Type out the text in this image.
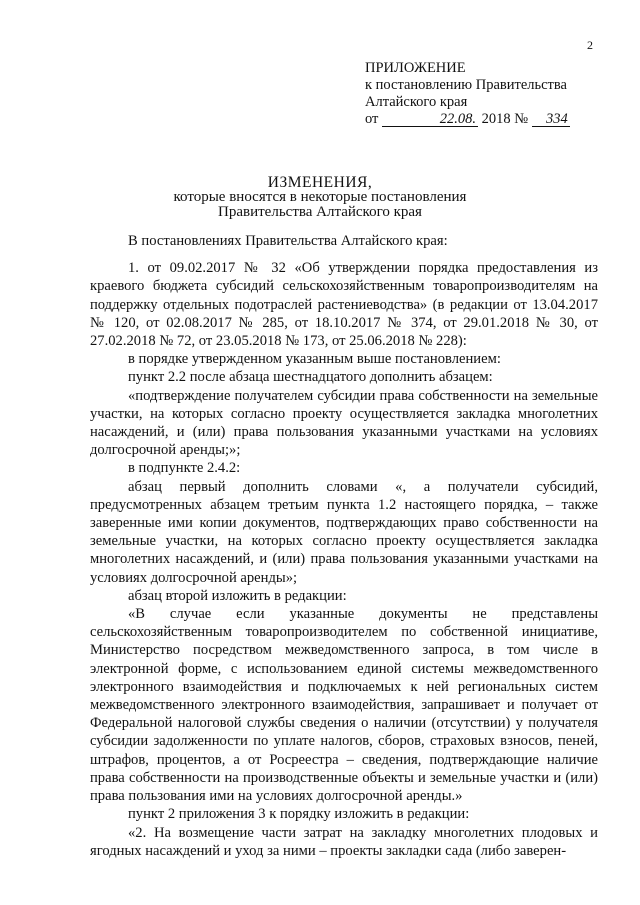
2
ПРИЛОЖЕНИЕ
к постановлению Правительства
Алтайского края
от	22.08. 2018 № 334
ИЗМЕНЕНИЯ,
которые вносятся в некоторые постановления
Правительства Алтайского края

В постановлениях Правительства Алтайского края:

1. от 09.02.2017 № 32 «Об утверждении порядка предоставления из краевого бюджета субсидий сельскохозяйственным товаропроизводителям на поддержку отдельных подотраслей растениеводства» (в редакции от 13.04.2017 № 120, от 02.08.2017 № 285, от 18.10.2017 № 374, от 29.01.2018 № 30, от 27.02.2018 № 72, от 23.05.2018 № 173, от 25.06.2018 № 228):

в порядке утвержденном указанным выше постановлением:

пункт 2.2 после абзаца шестнадцатого дополнить абзацем:

«подтверждение получателем субсидии права собственности на земельные участки, на которых согласно проекту осуществляется закладка многолетних насаждений, и (или) права пользования указанными участками на условиях долгосрочной аренды;»;

в подпункте 2.4.2:

абзац первый дополнить словами «, а получатели субсидий, предусмотренных абзацем третьим пункта 1.2 настоящего порядка, – также заверенные ими копии документов, подтверждающих право собственности на земельные участки, на которых согласно проекту осуществляется закладка многолетних насаждений, и (или) права пользования указанными участками на условиях долгосрочной аренды»;

абзац второй изложить в редакции:

«В случае если указанные документы не представлены сельскохозяйственным товаропроизводителем по собственной инициативе, Министерство посредством межведомственного запроса, в том числе в электронной форме, с использованием единой системы межведомственного электронного взаимодействия и подключаемых к ней региональных систем межведомственного электронного взаимодействия, запрашивает и получает от Федеральной налоговой службы сведения о наличии (отсутствии) у получателя субсидии задолженности по уплате налогов, сборов, страховых взносов, пеней, штрафов, процентов, а от Росреестра – сведения, подтверждающие наличие права собственности на производственные объекты и земельные участки и (или) права пользования ими на условиях долгосрочной аренды.»

пункт 2 приложения 3 к порядку изложить в редакции:

«2. На возмещение части затрат на закладку многолетних плодовых и ягодных насаждений и уход за ними – проекты закладки сада (либо заверен-
